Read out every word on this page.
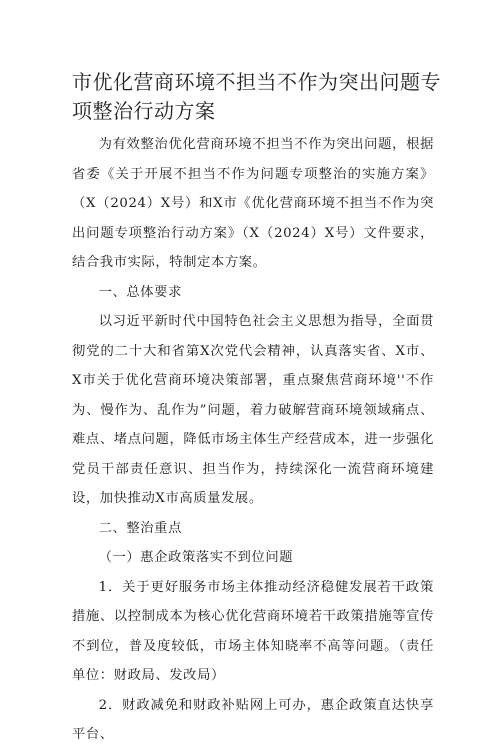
市优化营商环境不担当不作为突出问题专项整治行动方案

为有效整治优化营商环境不担当不作为突出问题，根据省委《关于开展不担当不作为问题专项整治的实施方案》（X（2024）X号）和X市《优化营商环境不担当不作为突出问题专项整治行动方案》（X（2024）X号）文件要求，结合我市实际，特制定本方案。

一、总体要求

以习近平新时代中国特色社会主义思想为指导，全面贯彻党的二十大和省第X次党代会精神，认真落实省、X市、X市关于优化营商环境决策部署，重点聚焦营商环境''不作为、慢作为、乱作为”问题，着力破解营商环境领域痛点、难点、堵点问题，降低市场主体生产经营成本，进一步强化党员干部责任意识、担当作为，持续深化一流营商环境建设，加快推动X市高质量发展。

二、整治重点

（一）惠企政策落实不到位问题

1．关于更好服务市场主体推动经济稳健发展若干政策措施、以控制成本为核心优化营商环境若干政策措施等宣传不到位，普及度较低，市场主体知晓率不高等问题。（责任单位：财政局、发改局）

2．财政减免和财政补贴网上可办，惠企政策直达快享平台、
